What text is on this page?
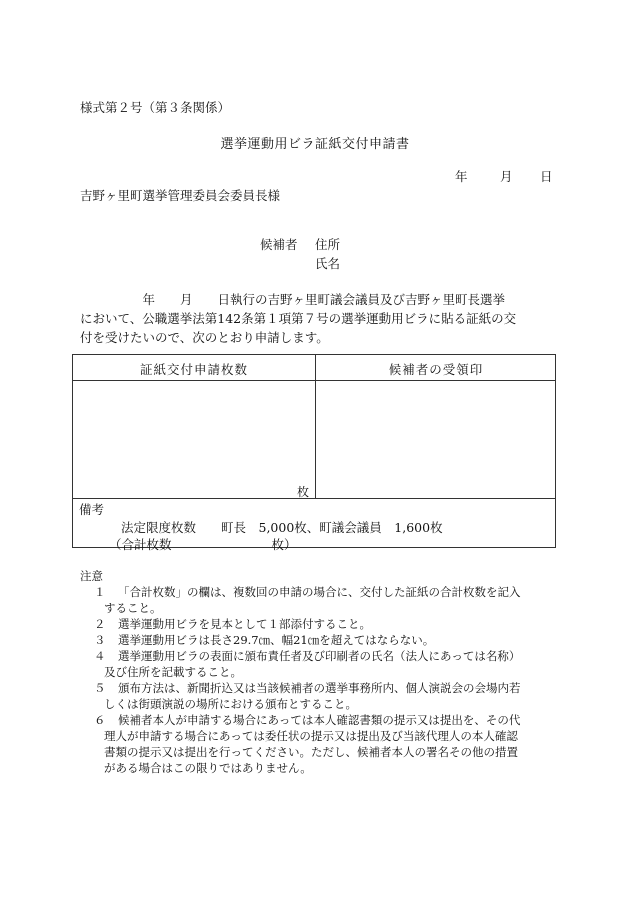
様式第２号（第３条関係）
選挙運動用ビラ証紙交付申請書
年	月 日
吉野ヶ里町選挙管理委員会委員長様
候補者 住所
氏名
　　　　　年　　月　　日執行の吉野ヶ里町議会議員及び吉野ヶ里町長選挙
において、公職選挙法第142条第１項第７号の選挙運動用ビラに貼る証紙の交
付を受けたいので、次のとおり申請します。
証紙交付申請枚数	候補者の受領印
枚
備考
法定限度枚数　　町長　5,000枚、町議会議員　1,600枚
（合計枚数　　　　　　　　枚）
注意
１ 「合計枚数」の欄は、複数回の申請の場合に、交付した証紙の合計枚数を記入
すること。
２ 選挙運動用ビラを見本として１部添付すること。
３ 選挙運動用ビラは長さ29.7㎝、幅21㎝を超えてはならない。
４ 選挙運動用ビラの表面に頒布責任者及び印刷者の氏名（法人にあっては名称）
及び住所を記載すること。
５ 頒布方法は、新聞折込又は当該候補者の選挙事務所内、個人演説会の会場内若
しくは街頭演説の場所における頒布とすること。
６ 候補者本人が申請する場合にあっては本人確認書類の提示又は提出を、その代
理人が申請する場合にあっては委任状の提示又は提出及び当該代理人の本人確認
書類の提示又は提出を行ってください。ただし、候補者本人の署名その他の措置
がある場合はこの限りではありません。
